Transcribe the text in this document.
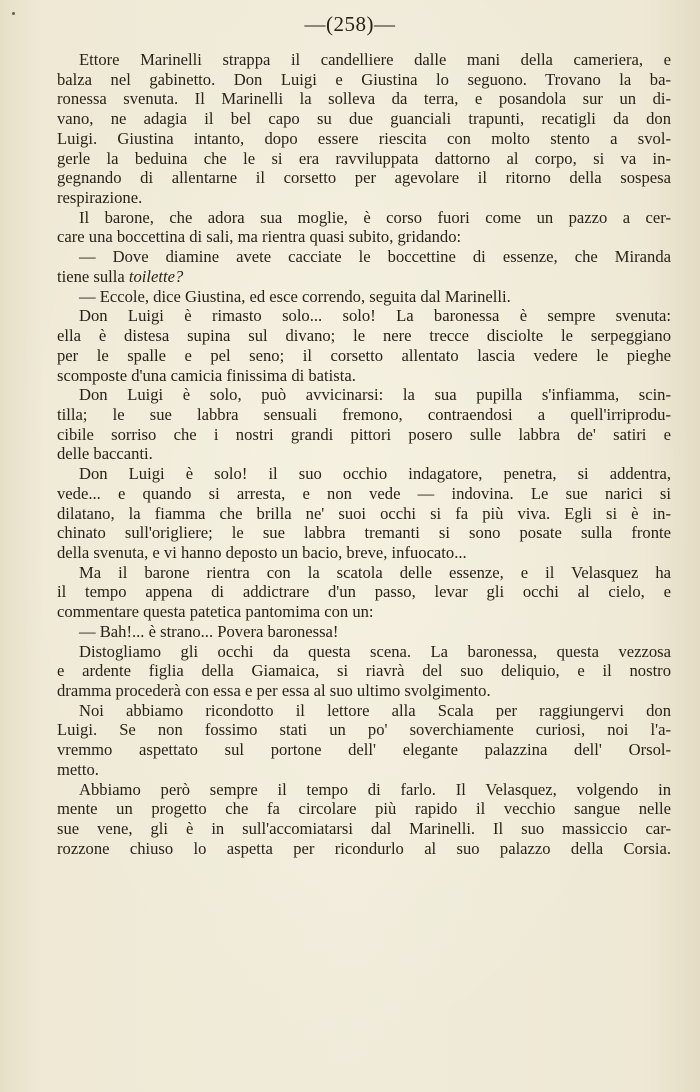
—(258)—
Ettore Marinelli strappa il candelliere dalle mani della cameriera, e
balza nel gabinetto. Don Luigi e Giustina lo seguono. Trovano la ba-
ronessa svenuta. Il Marinelli la solleva da terra, e posandola sur un di-
vano, ne adagia il bel capo su due guanciali trapunti, recatigli da don
Luigi. Giustina intanto, dopo essere riescita con molto stento a svol-
gerle la beduina che le si era ravviluppata dattorno al corpo, si va in-
gegnando di allentarne il corsetto per agevolare il ritorno della sospesa
respirazione.
Il barone, che adora sua moglie, è corso fuori come un pazzo a cer-
care una boccettina di sali, ma rientra quasi subito, gridando:
— Dove diamine avete cacciate le boccettine di essenze, che Miranda
tiene sulla toilette?
— Eccole, dice Giustina, ed esce correndo, seguita dal Marinelli.
Don Luigi è rimasto solo... solo! La baronessa è sempre svenuta:
ella è distesa supina sul divano; le nere trecce disciolte le serpeggiano
per le spalle e pel seno; il corsetto allentato lascia vedere le pieghe
scomposte d'una camicia finissima di batista.
Don Luigi è solo, può avvicinarsi: la sua pupilla s'infiamma, scin-
tilla; le sue labbra sensuali fremono, contraendosi a quell'irriprodu-
cibile sorriso che i nostri grandi pittori posero sulle labbra de' satiri e
delle baccanti.
Don Luigi è solo! il suo occhio indagatore, penetra, si addentra,
vede... e quando si arresta, e non vede — indovina. Le sue narici si
dilatano, la fiamma che brilla ne' suoi occhi si fa più viva. Egli si è in-
chinato sull'origliere; le sue labbra tremanti si sono posate sulla fronte
della svenuta, e vi hanno deposto un bacio, breve, infuocato...
Ma il barone rientra con la scatola delle essenze, e il Velasquez ha
il tempo appena di addictrare d'un passo, levar gli occhi al cielo, e
commentare questa patetica pantomima con un:
— Bah!... è strano... Povera baronessa!
Distogliamo gli occhi da questa scena. La baronessa, questa vezzosa
e ardente figlia della Giamaica, si riavrà del suo deliquio, e il nostro
dramma procederà con essa e per essa al suo ultimo svolgimento.
Noi abbiamo ricondotto il lettore alla Scala per raggiungervi don
Luigi. Se non fossimo stati un po' soverchiamente curiosi, noi l'a-
vremmo aspettato sul portone dell' elegante palazzina dell' Orsol-
metto.
Abbiamo però sempre il tempo di farlo. Il Velasquez, volgendo in
mente un progetto che fa circolare più rapido il vecchio sangue nelle
sue vene, gli è in sull'accomiatarsi dal Marinelli. Il suo massiccio car-
rozzone chiuso lo aspetta per ricondurlo al suo palazzo della Corsia.
